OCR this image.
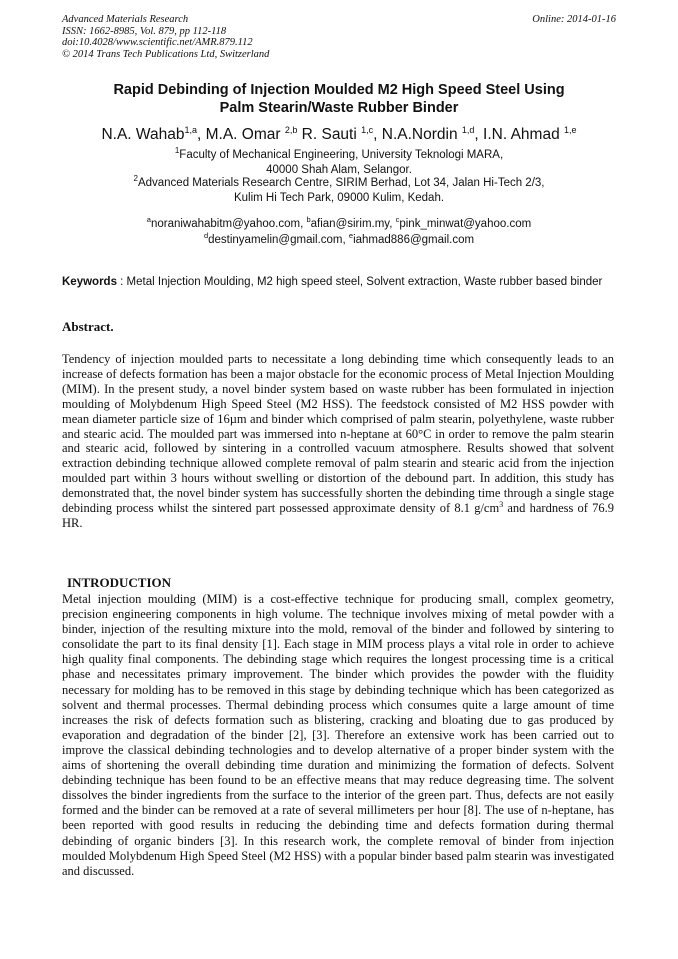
Advanced Materials Research
ISSN: 1662-8985, Vol. 879, pp 112-118
doi:10.4028/www.scientific.net/AMR.879.112
© 2014 Trans Tech Publications Ltd, Switzerland
Online: 2014-01-16
Rapid Debinding of Injection Moulded M2 High Speed Steel Using
Palm Stearin/Waste Rubber Binder
N.A. Wahab$^{1,a}$, M.A. Omar $^{2,b}$ R. Sauti $^{1,c}$, N.A.Nordin $^{1,d}$, I.N. Ahmad $^{1,e}$
$^1$Faculty of Mechanical Engineering, University Teknologi MARA,
40000 Shah Alam, Selangor.
$^2$Advanced Materials Research Centre, SIRIM Berhad, Lot 34, Jalan Hi-Tech 2/3,
Kulim Hi Tech Park, 09000 Kulim, Kedah.
$^a$noraniwahabitm@yahoo.com, $^b$afian@sirim.my, $^c$pink_minwat@yahoo.com
$^d$destinyamelin@gmail.com, $^e$iahmad886@gmail.com
Keywords : Metal Injection Moulding, M2 high speed steel, Solvent extraction, Waste rubber based binder
Abstract.
Tendency of injection moulded parts to necessitate a long debinding time which consequently leads to an increase of defects formation has been a major obstacle for the economic process of Metal Injection Moulding (MIM). In the present study, a novel binder system based on waste rubber has been formulated in injection moulding of Molybdenum High Speed Steel (M2 HSS). The feedstock consisted of M2 HSS powder with mean diameter particle size of 16µm and binder which comprised of palm stearin, polyethylene, waste rubber and stearic acid. The moulded part was immersed into n-heptane at 60°C in order to remove the palm stearin and stearic acid, followed by sintering in a controlled vacuum atmosphere. Results showed that solvent extraction debinding technique allowed complete removal of palm stearin and stearic acid from the injection moulded part within 3 hours without swelling or distortion of the debound part. In addition, this study has demonstrated that, the novel binder system has successfully shorten the debinding time through a single stage debinding process whilst the sintered part possessed approximate density of 8.1 $g/cm^3$ and hardness of 76.9 HR.
INTRODUCTION
Metal injection moulding (MIM) is a cost-effective technique for producing small, complex geometry, precision engineering components in high volume. The technique involves mixing of metal powder with a binder, injection of the resulting mixture into the mold, removal of the binder and followed by sintering to consolidate the part to its final density [1]. Each stage in MIM process plays a vital role in order to achieve high quality final components. The debinding stage which requires the longest processing time is a critical phase and necessitates primary improvement. The binder which provides the powder with the fluidity necessary for molding has to be removed in this stage by debinding technique which has been categorized as solvent and thermal processes. Thermal debinding process which consumes quite a large amount of time increases the risk of defects formation such as blistering, cracking and bloating due to gas produced by evaporation and degradation of the binder [2], [3]. Therefore an extensive work has been carried out to improve the classical debinding technologies and to develop alternative of a proper binder system with the aims of shortening the overall debinding time duration and minimizing the formation of defects. Solvent debinding technique has been found to be an effective means that may reduce degreasing time. The solvent dissolves the binder ingredients from the surface to the interior of the green part. Thus, defects are not easily formed and the binder can be removed at a rate of several millimeters per hour [8]. The use of n-heptane, has been reported with good results in reducing the debinding time and defects formation during thermal debinding of organic binders [3]. In this research work, the complete removal of binder from injection moulded Molybdenum High Speed Steel (M2 HSS) with a popular binder based palm stearin was investigated and discussed.
